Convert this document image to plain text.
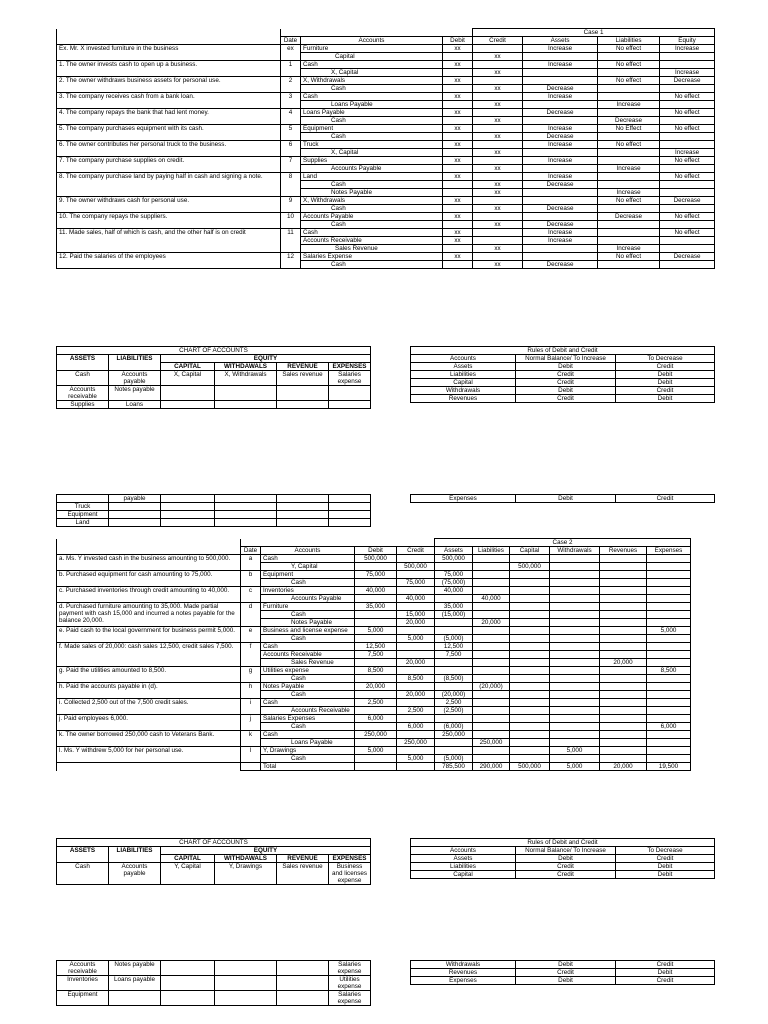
				Case 1			
	Date	Accounts	Debit	Credit	Assets	Liabilities	Equity
Ex. Mr. X invested furniture in the business	ex	Furniture	xx		Increase	No effect	Increase
		Capital		xx			
1. The owner invests cash to open up a business.	1	Cash	xx		Increase	No effect	
		X, Capital		xx			Increase
2. The owner withdraws business assets for personal use.	2	X, Withdrawals	xx			No effect	Decrease
		Cash		xx	Decrease		
3. The company receives cash from a bank loan.	3	Cash	xx		Increase		No effect
		Loans Payable		xx		Increase	
4. The company repays the bank that had lent money.	4	Loans Payable	xx		Decrease		No effect
		Cash		xx		Decrease	
5. The company purchases equipment with its cash.	5	Equipment	xx		Increase	No Effect	No effect
		Cash		xx	Decrease		
6. The owner contributes her personal truck to the business.	6	Truck	xx		Increase	No effect	
		X, Capital		xx			Increase
7. The company purchase supplies on credit.	7	Supplies	xx		Increase		No effect
		Accounts Payable		xx		Increase	
8. The company purchase land by paying half in cash and signing a note.	8	Land	xx		Increase		No effect
		Cash		xx	Decrease		
		Notes Payable		xx		Increase	
9. The owner withdraws cash for personal use.	9	X, Withdrawals	xx			No effect	Decrease
		Cash		xx	Decrease		
10. The company repays the suppliers.	10	Accounts Payable	xx			Decrease	No effect
		Cash		xx	Decrease		
11. Made sales, half of which is cash, and the other half is on credit	11	Cash	xx		Increase		No effect
		Accounts Receivable	xx		Increase		
		Sales Revenue		xx		Increase	
12. Paid the salaries of the employees	12	Salaries Expense	xx			No effect	Decrease
		Cash		xx	Decrease		
CHART OF ACCOUNTS					
ASSETS	LIABILITIES	EQUITY			
		CAPITAL	WITHDAWALS	REVENUE	EXPENSES
Cash	Accounts payable	X, Capital	X, Withdrawals	Sales revenue	Salaries expense
Accounts receivable	Notes payable				
Supplies	Loans				
Rules of Debit and Credit		
Accounts	Normal Balance/ To Increase	To Decrease
Assets	Debit	Credit
Liabilities	Credit	Debit
Capital	Credit	Debit
Withdrawals	Debit	Credit
Revenues	Credit	Debit
	payable				
Truck					
Equipment					
Land					
Expenses	Debit	Credit
					Case 2					
	Date	Accounts	Debit	Credit	Assets	Liabilities	Capital	Withdrawals	Revenues	Expenses
a. Ms. Y invested cash in the business amounting to 500,000.	a	Cash	500,000		500,000					
		Y, Capital		500,000			500,000			
b. Purchased equipment for cash amounting to 75,000.	b	Equipment	75,000		75,000					
		Cash		75,000	(75,000)					
c. Purchased inventories through credit amounting to 40,000.	c	Inventories	40,000		40,000					
		Accounts Payable		40,000		40,000				
d. Purchased furniture amounting to 35,000. Made partial payment with cash 15,000 and incurred a notes payable for the balance 20,000.	d	Furniture	35,000		35,000					
		Cash		15,000	(15,000)					
		Notes Payable		20,000		20,000				
e. Paid cash to the local government for business permit 5,000.	e	Business and license expense	5,000							5,000
		Cash		5,000	(5,000)					
f. Made sales of 20,000: cash sales 12,500, credit sales 7,500.	f	Cash	12,500		12,500					
		Accounts Receivable	7,500		7,500					
		Sales Revenue		20,000					20,000	
g. Paid the utilities amounted to 8,500.	g	Utilities expense	8,500							8,500
		Cash		8,500	(8,500)					
h. Paid the accounts payable in (d).	h	Notes Payable	20,000			(20,000)				
		Cash		20,000	(20,000)					
i. Collected 2,500 out of the 7,500 credit sales.	i	Cash	2,500		2,500					
		Accounts Receivable		2,500	(2,500)					
j. Paid employees 6,000.	j	Salaries Expenses	6,000							
		Cash		6,000	(6,000)					6,000
k. The owner borrowed 250,000 cash to Veterans Bank.	k	Cash	250,000		250,000					
		Loans Payable		250,000		250,000				
l. Ms. Y withdrew 5,000 for her personal use.	l	Y, Drawings	5,000					5,000		
		Cash		5,000	(5,000)					
		Total			785,500	290,000	500,000	5,000	20,000	19,500
CHART OF ACCOUNTS					
ASSETS	LIABILITIES	EQUITY			
		CAPITAL	WITHDAWALS	REVENUE	EXPENSES
Cash	Accounts payable	Y, Capital	Y, Drawings	Sales revenue	Business and licenses expense
Rules of Debit and Credit		
Accounts	Normal Balance/ To Increase	To Decrease
Assets	Debit	Credit
Liabilities	Credit	Debit
Capital	Credit	Debit
Accounts receivable	Notes payable				Salaries expense
Inventories	Loans payable				Utilities expense
Equipment					Salaries expense
Withdrawals	Debit	Credit
Revenues	Credit	Debit
Expenses	Debit	Credit
